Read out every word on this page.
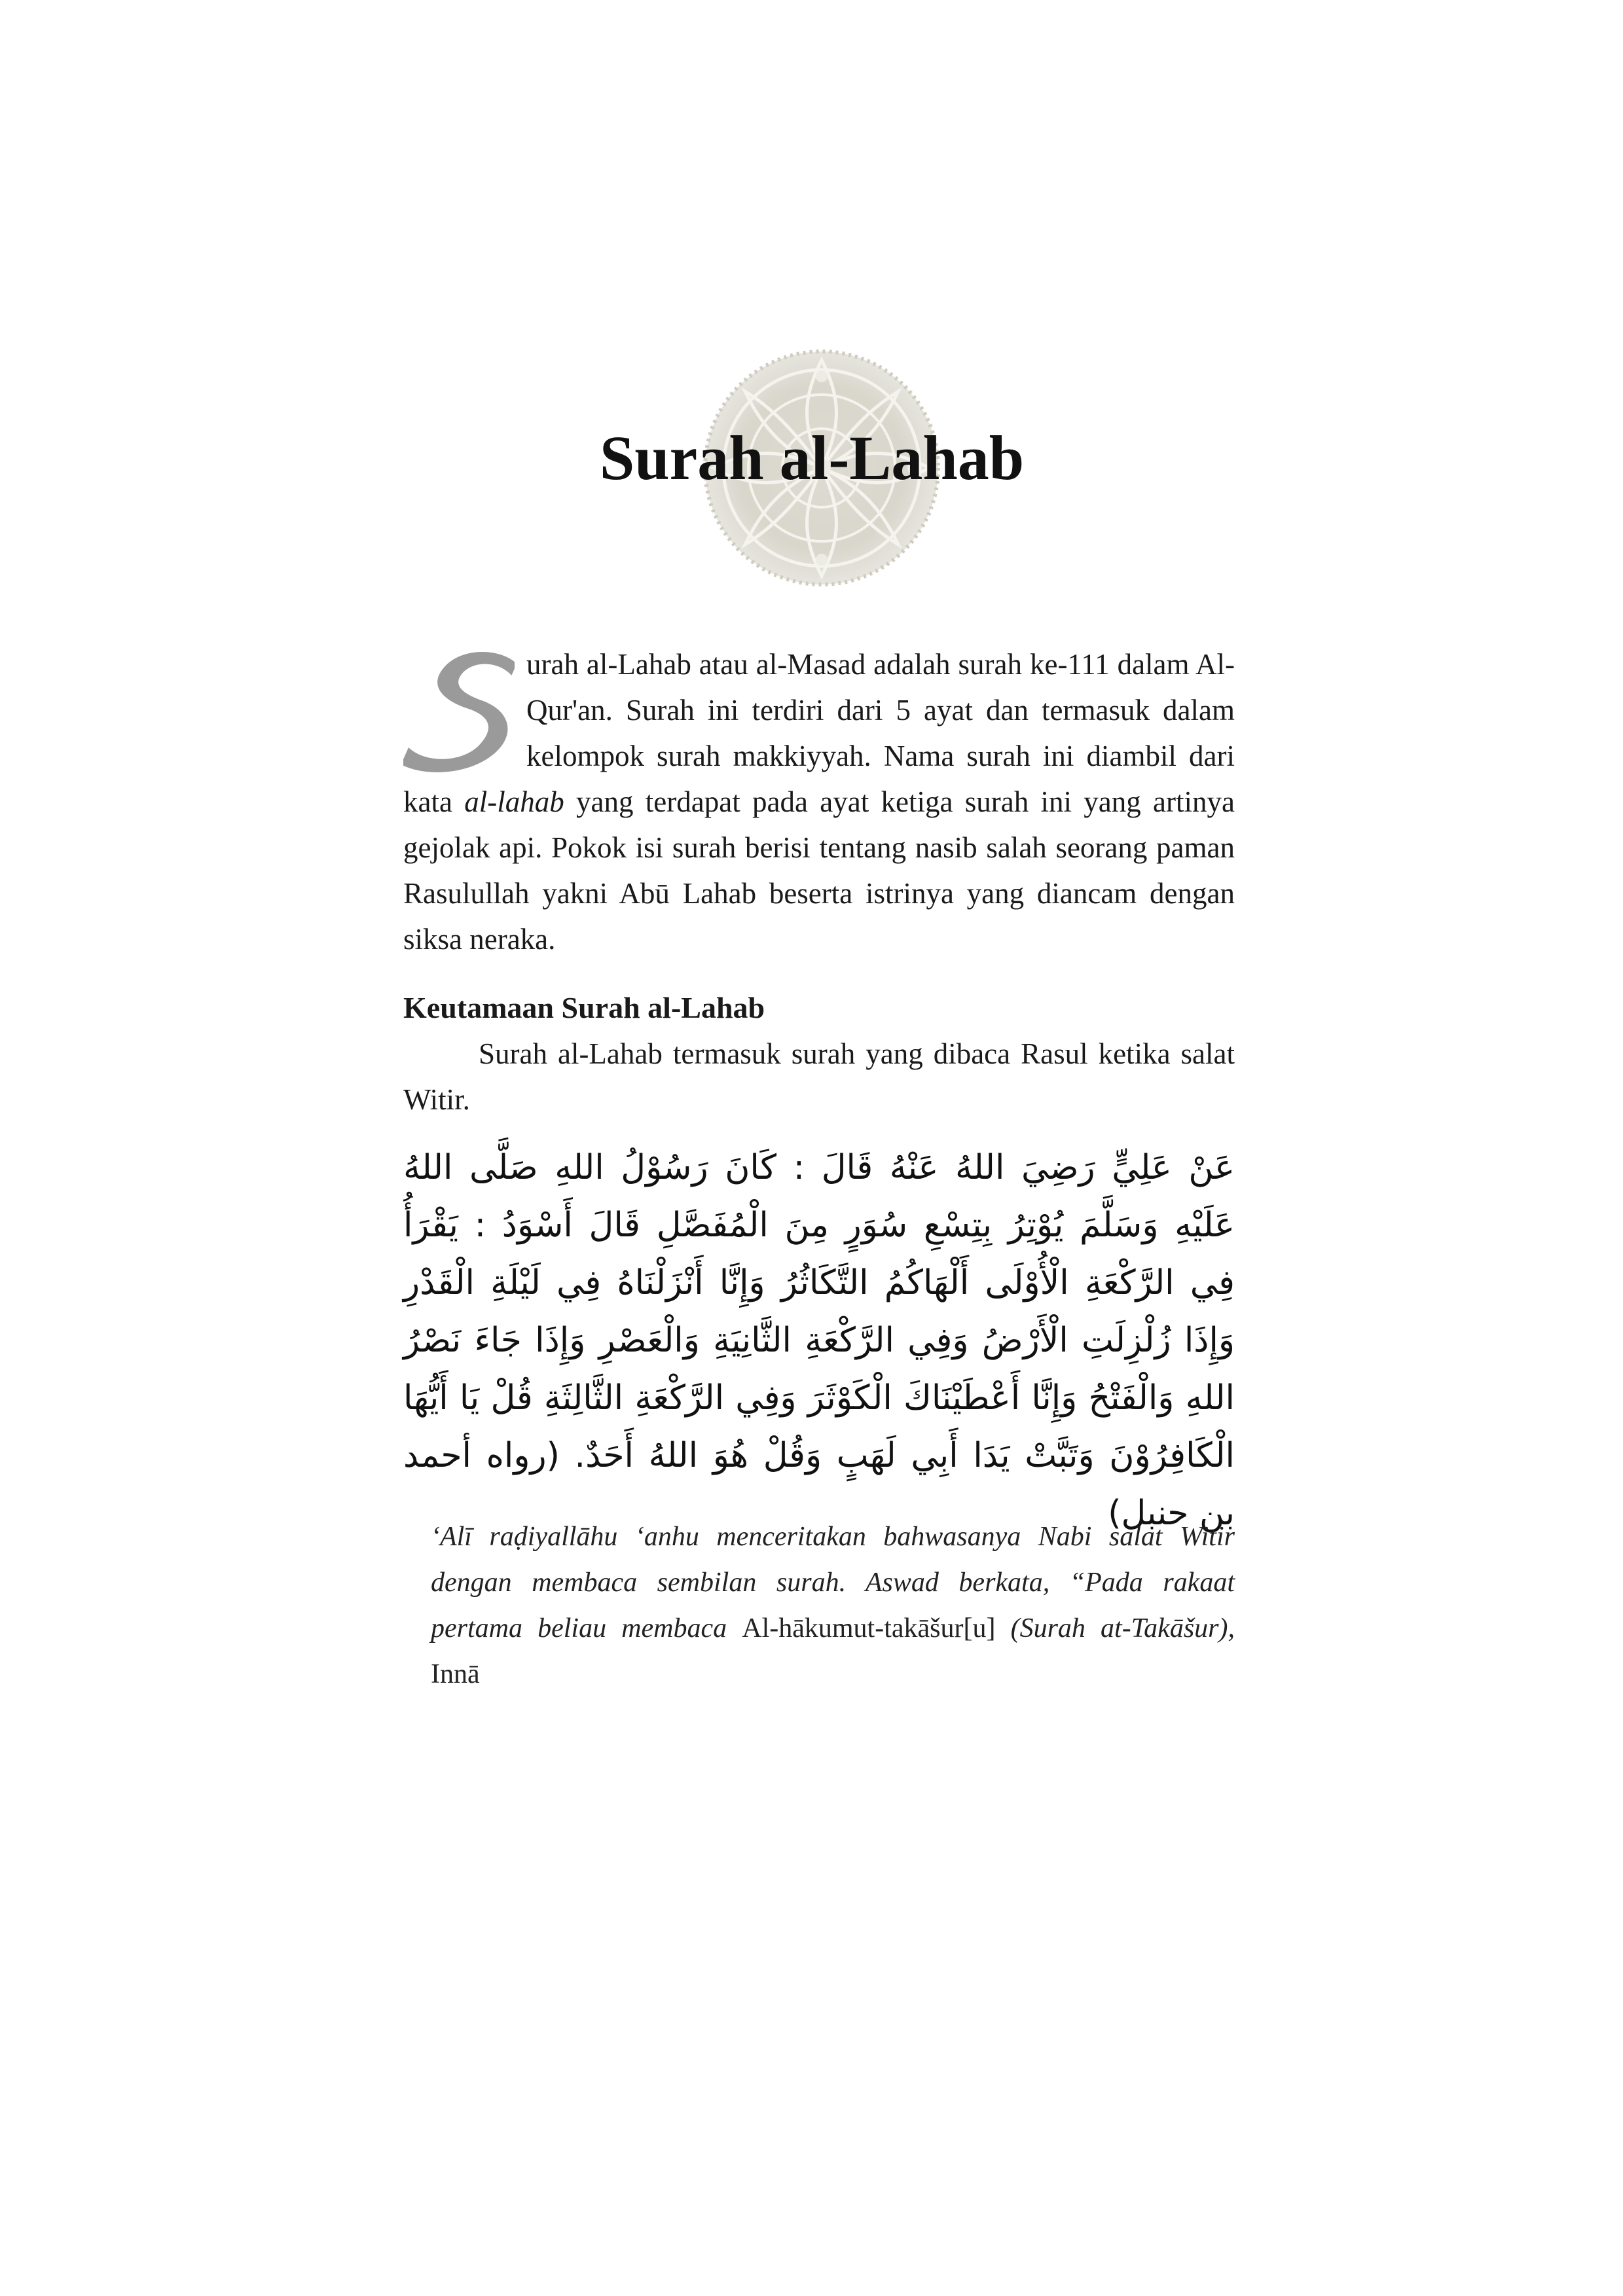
Surah al-Lahab
urah al-Lahab atau al-Masad adalah surah ke-111 dalam Al-Qur'an. Surah ini terdiri dari 5 ayat dan termasuk dalam kelompok surah makkiyyah. Nama surah ini diambil dari kata al-lahab yang terdapat pada ayat ketiga surah ini yang artinya gejolak api. Pokok isi surah berisi tentang nasib salah seorang paman Rasulullah yakni Abū Lahab beserta istrinya yang diancam dengan siksa neraka.
Keutamaan Surah al-Lahab
Surah al-Lahab termasuk surah yang dibaca Rasul ketika salat Witir.
عَنْ عَلِيٍّ رَضِيَ اللهُ عَنْهُ قَالَ : كَانَ رَسُوْلُ اللهِ صَلَّى اللهُ عَلَيْهِ وَسَلَّمَ يُوْتِرُ بِتِسْعِ سُوَرٍ مِنَ الْمُفَصَّلِ قَالَ أَسْوَدُ : يَقْرَأُ فِي الرَّكْعَةِ الْأُوْلَى أَلْهَاكُمُ التَّكَاثُرُ وَإِنَّا أَنْزَلْنَاهُ فِي لَيْلَةِ الْقَدْرِ وَإِذَا زُلْزِلَتِ الْأَرْضُ وَفِي الرَّكْعَةِ الثَّانِيَةِ وَالْعَصْرِ وَإِذَا جَاءَ نَصْرُ اللهِ وَالْفَتْحُ وَإِنَّا أَعْطَيْنَاكَ الْكَوْثَرَ وَفِي الرَّكْعَةِ الثَّالِثَةِ قُلْ يَا أَيُّهَا الْكَافِرُوْنَ وَتَبَّتْ يَدَا أَبِي لَهَبٍ وَقُلْ هُوَ اللهُ أَحَدٌ. (رواه أحمد بن حنبل)
‘Alī raḍiyallāhu ‘anhu menceritakan bahwasanya Nabi salat Witir dengan membaca sembilan surah. Aswad berkata, “Pada rakaat pertama beliau membaca Al-hākumut-takāšur[u] (Surah at-Takāšur), Innā
